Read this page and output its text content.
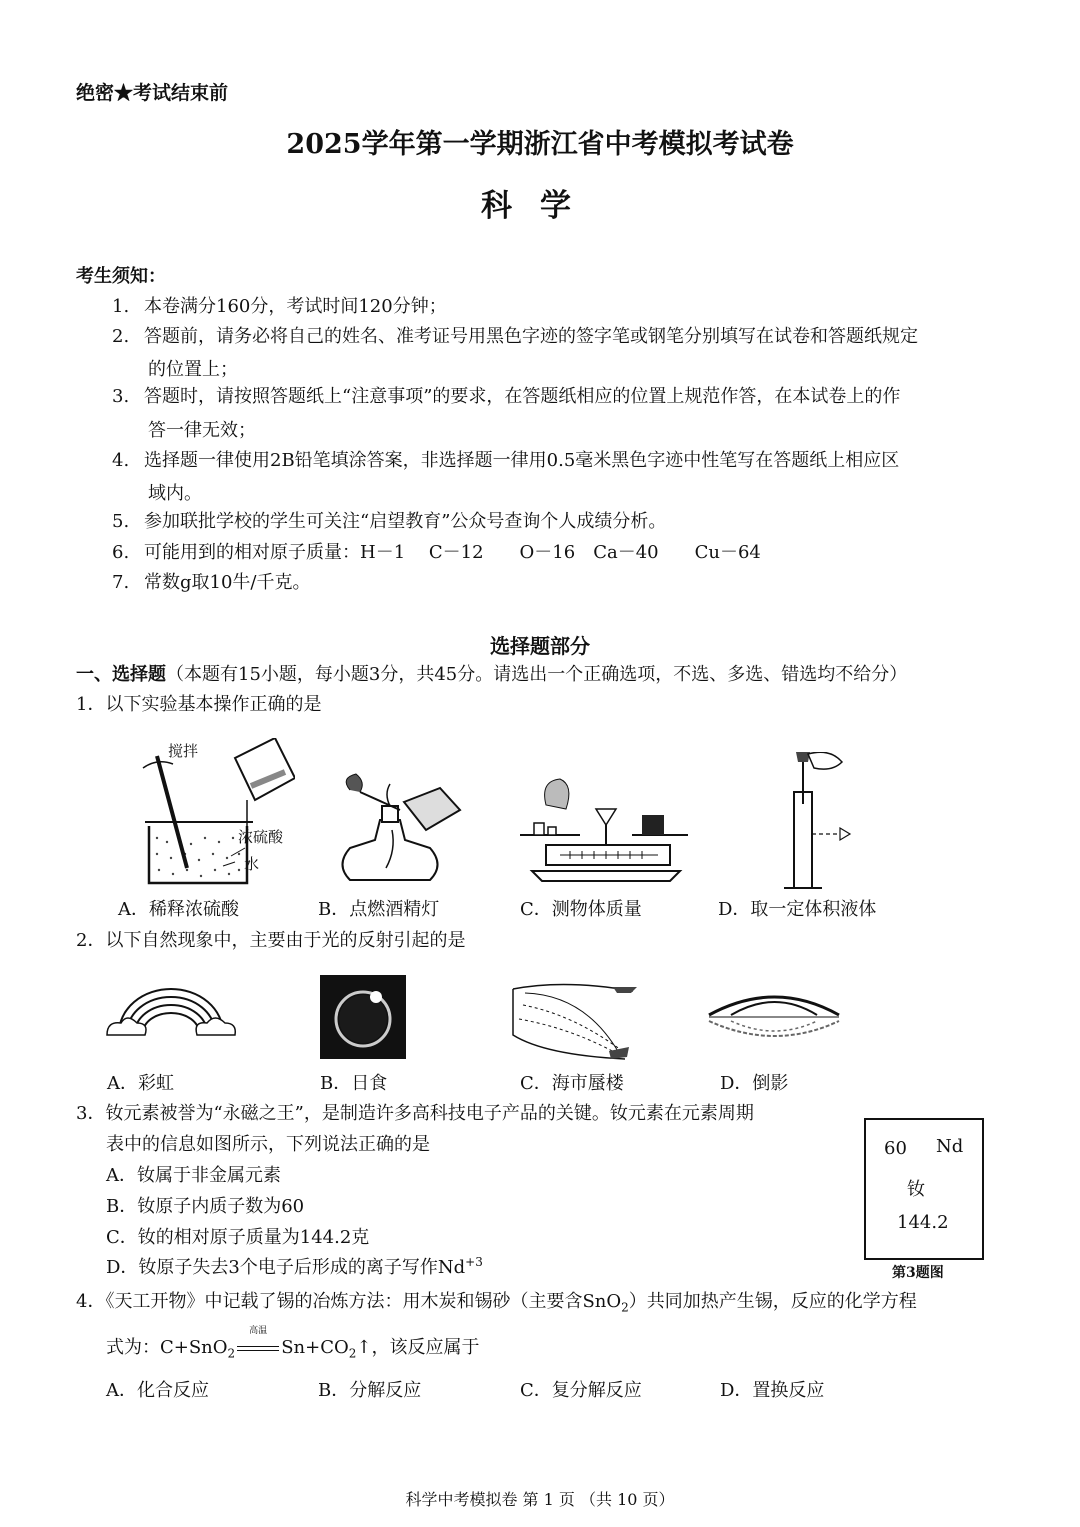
绝密★考试结束前
2025学年第一学期浙江省中考模拟考试卷
科学
考生须知：
1. 本卷满分160分，考试时间120分钟；
2. 答题前，请务必将自己的姓名、准考证号用黑色字迹的签字笔或钢笔分别填写在试卷和答题纸规定
的位置上；
3. 答题时，请按照答题纸上“注意事项”的要求，在答题纸相应的位置上规范作答，在本试卷上的作
答一律无效；
4. 选择题一律使用2B铅笔填涂答案，非选择题一律用0.5毫米黑色字迹中性笔写在答题纸上相应区
域内。
5. 参加联批学校的学生可关注“启望教育”公众号查询个人成绩分析。
6. 可能用到的相对原子质量：H－1　 C－12　　O－16　Ca－40　　Cu－64
7. 常数g取10牛/千克。
选择题部分
一、选择题（本题有15小题，每小题3分，共45分。请选出一个正确选项，不选、多选、错选均不给分）
1．以下实验基本操作正确的是
搅拌
浓硫酸
水
A．稀释浓硫酸	B．点燃酒精灯	C．测物体质量	D．取一定体积液体
2．以下自然现象中，主要由于光的反射引起的是
A．彩虹	B．日食	C．海市蜃楼	D．倒影
3．钕元素被誉为“永磁之王”，是制造许多高科技电子产品的关键。钕元素在元素周期
表中的信息如图所示，下列说法正确的是
A．钕属于非金属元素
B．钕原子内质子数为60
C．钕的相对原子质量为144.2克
D．钕原子失去3个电子后形成的离子写作$Nd^{+3}$
60 Nd
钕
144.2
第3题图
4．《天工开物》中记载了锡的冶炼方法：用木炭和锡砂（主要含SnO$_2$）共同加热产生锡，反应的化学方程
式为：C+SnO$_2$
高温
$Sn+CO_2↑$，该反应属于
A．化合反应	B．分解反应	C．复分解反应	D．置换反应
科学中考模拟卷 第 1 页 （共 10 页）
